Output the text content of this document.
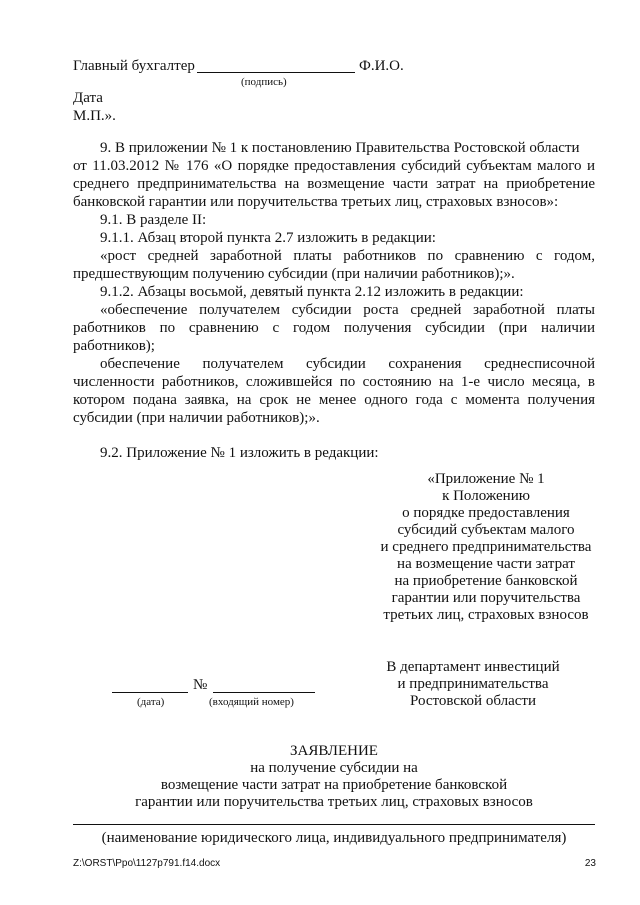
Главный бухгалтер	Ф.И.О.
(подпись)
Дата
М.П.».
9. В приложении № 1 к постановлению Правительства Ростовской области
от 11.03.2012 № 176 «О порядке предоставления субсидий субъектам малого и
среднего предпринимательства на возмещение части затрат на приобретение
банковской гарантии или поручительства третьих лиц, страховых взносов»:
9.1. В разделе II:
9.1.1. Абзац второй пункта 2.7 изложить в редакции:
«рост средней заработной платы работников по сравнению с годом,
предшествующим получению субсидии (при наличии работников);».
9.1.2. Абзацы восьмой, девятый пункта 2.12 изложить в редакции:
«обеспечение получателем субсидии роста средней заработной платы
работников по сравнению с годом получения субсидии (при наличии
работников);
обеспечение получателем субсидии сохранения среднесписочной
численности работников, сложившейся по состоянию на 1-е число месяца, в
котором подана заявка, на срок не менее одного года с момента получения
субсидии (при наличии работников);».
9.2. Приложение № 1 изложить в редакции:
«Приложение № 1
к Положению
о порядке предоставления
субсидий субъектам малого
и среднего предпринимательства
на возмещение части затрат
на приобретение банковской
гарантии или поручительства
третьих лиц, страховых взносов
В департамент инвестиций
и предпринимательства
Ростовской области
№
(дата)	(входящий номер)
ЗАЯВЛЕНИЕ
на получение субсидии на
возмещение части затрат на приобретение банковской
гарантии или поручительства третьих лиц, страховых взносов
(наименование юридического лица, индивидуального предпринимателя)
Z:\ORST\Ppo\1127p791.f14.docx	23
